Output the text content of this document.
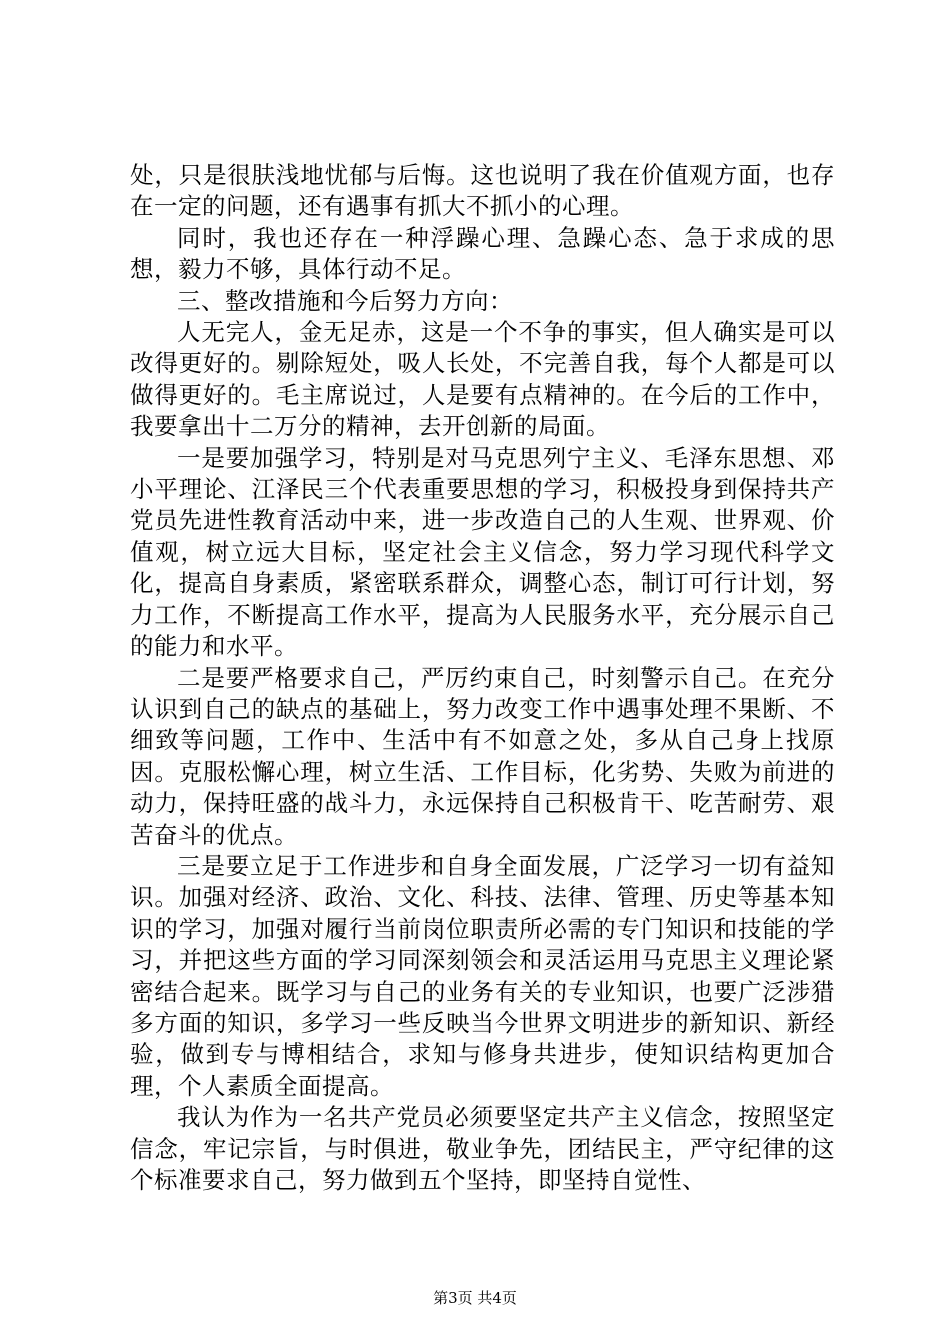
处，只是很肤浅地忧郁与后悔。这也说明了我在价值观方面，也存在一定的问题，还有遇事有抓大不抓小的心理。

同时，我也还存在一种浮躁心理、急躁心态、急于求成的思想，毅力不够，具体行动不足。

三、整改措施和今后努力方向：

人无完人，金无足赤，这是一个不争的事实，但人确实是可以改得更好的。剔除短处，吸人长处，不完善自我，每个人都是可以做得更好的。毛主席说过，人是要有点精神的。在今后的工作中，我要拿出十二万分的精神，去开创新的局面。

一是要加强学习，特别是对马克思列宁主义、毛泽东思想、邓小平理论、江泽民三个代表重要思想的学习，积极投身到保持共产党员先进性教育活动中来，进一步改造自己的人生观、世界观、价值观，树立远大目标，坚定社会主义信念，努力学习现代科学文化，提高自身素质，紧密联系群众，调整心态，制订可行计划，努力工作，不断提高工作水平，提高为人民服务水平，充分展示自己的能力和水平。

二是要严格要求自己，严厉约束自己，时刻警示自己。在充分认识到自己的缺点的基础上，努力改变工作中遇事处理不果断、不细致等问题，工作中、生活中有不如意之处，多从自己身上找原因。克服松懈心理，树立生活、工作目标，化劣势、失败为前进的动力，保持旺盛的战斗力，永远保持自己积极肯干、吃苦耐劳、艰苦奋斗的优点。

三是要立足于工作进步和自身全面发展，广泛学习一切有益知识。加强对经济、政治、文化、科技、法律、管理、历史等基本知识的学习，加强对履行当前岗位职责所必需的专门知识和技能的学习，并把这些方面的学习同深刻领会和灵活运用马克思主义理论紧密结合起来。既学习与自己的业务有关的专业知识，也要广泛涉猎多方面的知识，多学习一些反映当今世界文明进步的新知识、新经验，做到专与博相结合，求知与修身共进步，使知识结构更加合理，个人素质全面提高。

我认为作为一名共产党员必须要坚定共产主义信念，按照坚定信念，牢记宗旨，与时俱进，敬业争先，团结民主，严守纪律的这个标准要求自己，努力做到五个坚持，即坚持自觉性、

第3页 共4页
